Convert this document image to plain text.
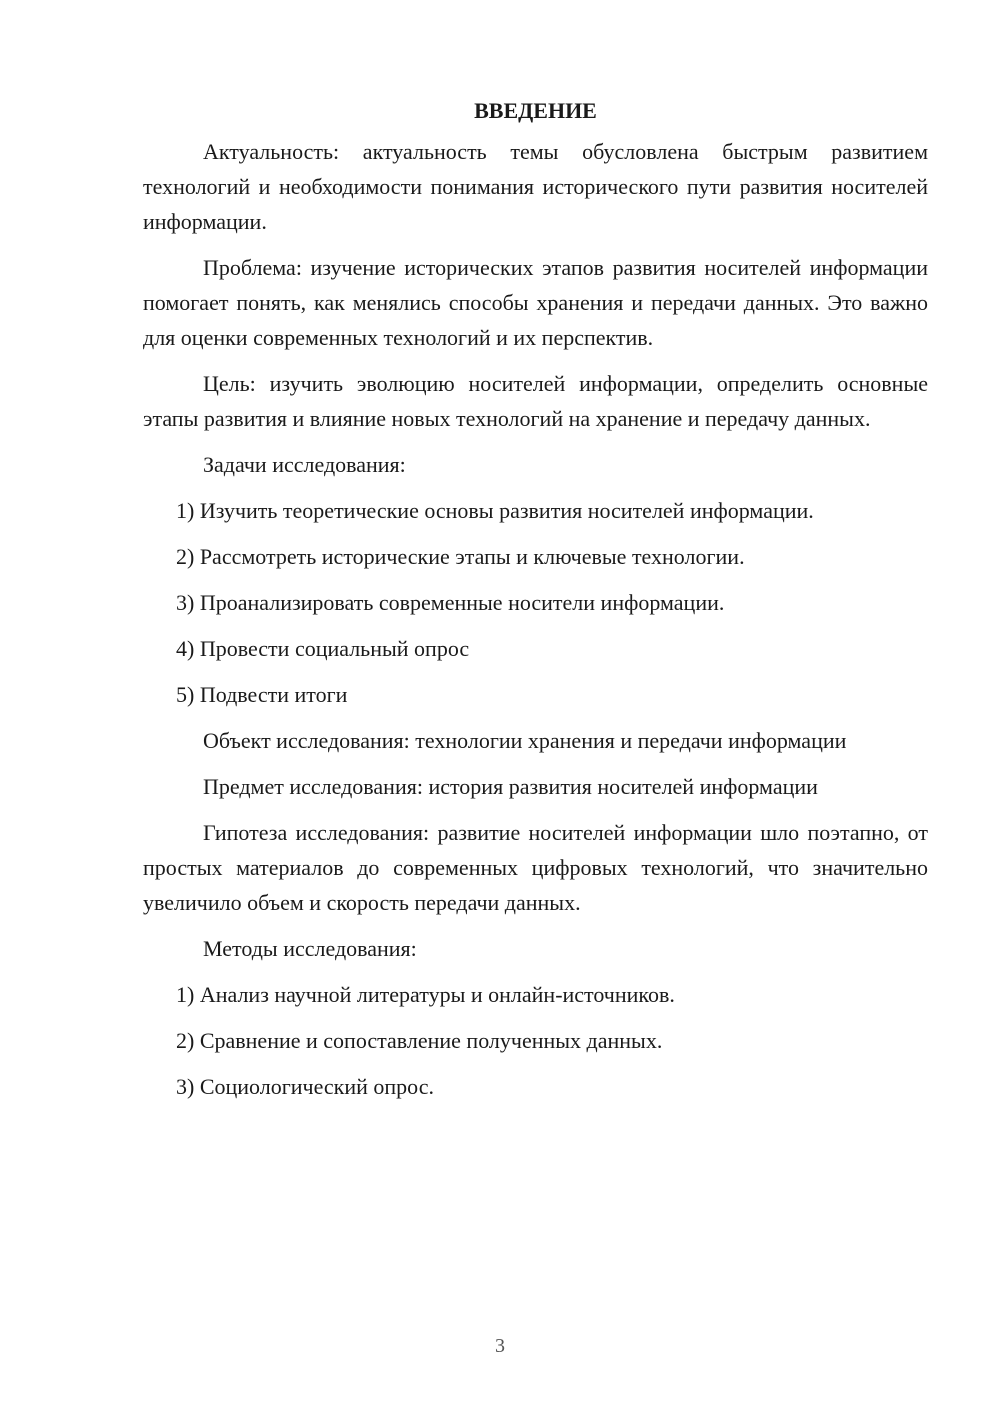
ВВЕДЕНИЕ

Актуальность: актуальность темы обусловлена быстрым развитием технологий и необходимости понимания исторического пути развития носителей информации.

Проблема: изучение исторических этапов развития носителей информации помогает понять, как менялись способы хранения и передачи данных. Это важно для оценки современных технологий и их перспектив.

Цель: изучить эволюцию носителей информации, определить основные этапы развития и влияние новых технологий на хранение и передачу данных.

Задачи исследования:

1) Изучить теоретические основы развития носителей информации.
2) Рассмотреть исторические этапы и ключевые технологии.
3) Проанализировать современные носители информации.
4) Провести социальный опрос
5) Подвести итоги

Объект исследования: технологии хранения и передачи информации

Предмет исследования: история развития носителей информации

Гипотеза исследования: развитие носителей информации шло поэтапно, от простых материалов до современных цифровых технологий, что значительно увеличило объем и скорость передачи данных.

Методы исследования:

1) Анализ научной литературы и онлайн-источников.
2) Сравнение и сопоставление полученных данных.
3) Социологический опрос.
3
